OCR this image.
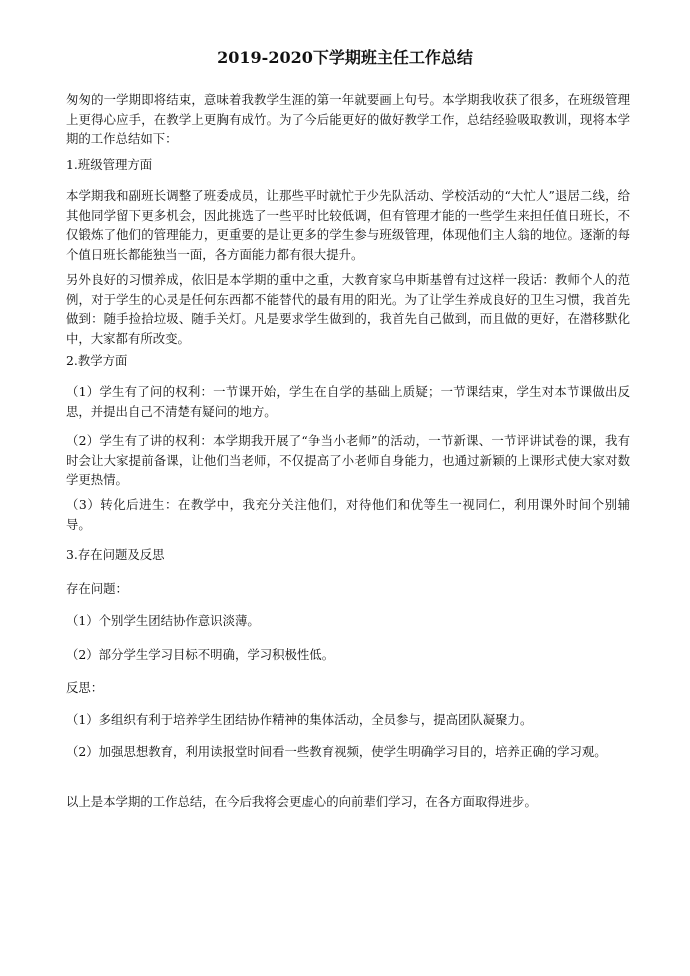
2019-2020下学期班主任工作总结

匆匆的一学期即将结束，意味着我教学生涯的第一年就要画上句号。本学期我收获了很多，在班级管理上更得心应手，在教学上更胸有成竹。为了今后能更好的做好教学工作，总结经验吸取教训，现将本学期的工作总结如下：

1.班级管理方面

本学期我和副班长调整了班委成员，让那些平时就忙于少先队活动、学校活动的“大忙人”退居二线，给其他同学留下更多机会，因此挑选了一些平时比较低调，但有管理才能的一些学生来担任值日班长，不仅锻炼了他们的管理能力，更重要的是让更多的学生参与班级管理，体现他们主人翁的地位。逐渐的每个值日班长都能独当一面，各方面能力都有很大提升。

另外良好的习惯养成，依旧是本学期的重中之重，大教育家乌申斯基曾有过这样一段话：教师个人的范例，对于学生的心灵是任何东西都不能替代的最有用的阳光。为了让学生养成良好的卫生习惯，我首先做到：随手捡拾垃圾、随手关灯。凡是要求学生做到的，我首先自己做到，而且做的更好，在潜移默化中，大家都有所改变。

2.教学方面

（1）学生有了问的权利：一节课开始，学生在自学的基础上质疑；一节课结束，学生对本节课做出反思，并提出自己不清楚有疑问的地方。

（2）学生有了讲的权利：本学期我开展了“争当小老师”的活动，一节新课、一节评讲试卷的课，我有时会让大家提前备课，让他们当老师，不仅提高了小老师自身能力，也通过新颖的上课形式使大家对数学更热情。

（3）转化后进生：在教学中，我充分关注他们，对待他们和优等生一视同仁，利用课外时间个别辅导。

3.存在问题及反思

存在问题：

（1）个别学生团结协作意识淡薄。

（2）部分学生学习目标不明确，学习积极性低。

反思：

（1）多组织有利于培养学生团结协作精神的集体活动，全员参与，提高团队凝聚力。

（2）加强思想教育，利用读报堂时间看一些教育视频，使学生明确学习目的，培养正确的学习观。

以上是本学期的工作总结，在今后我将会更虚心的向前辈们学习，在各方面取得进步。
